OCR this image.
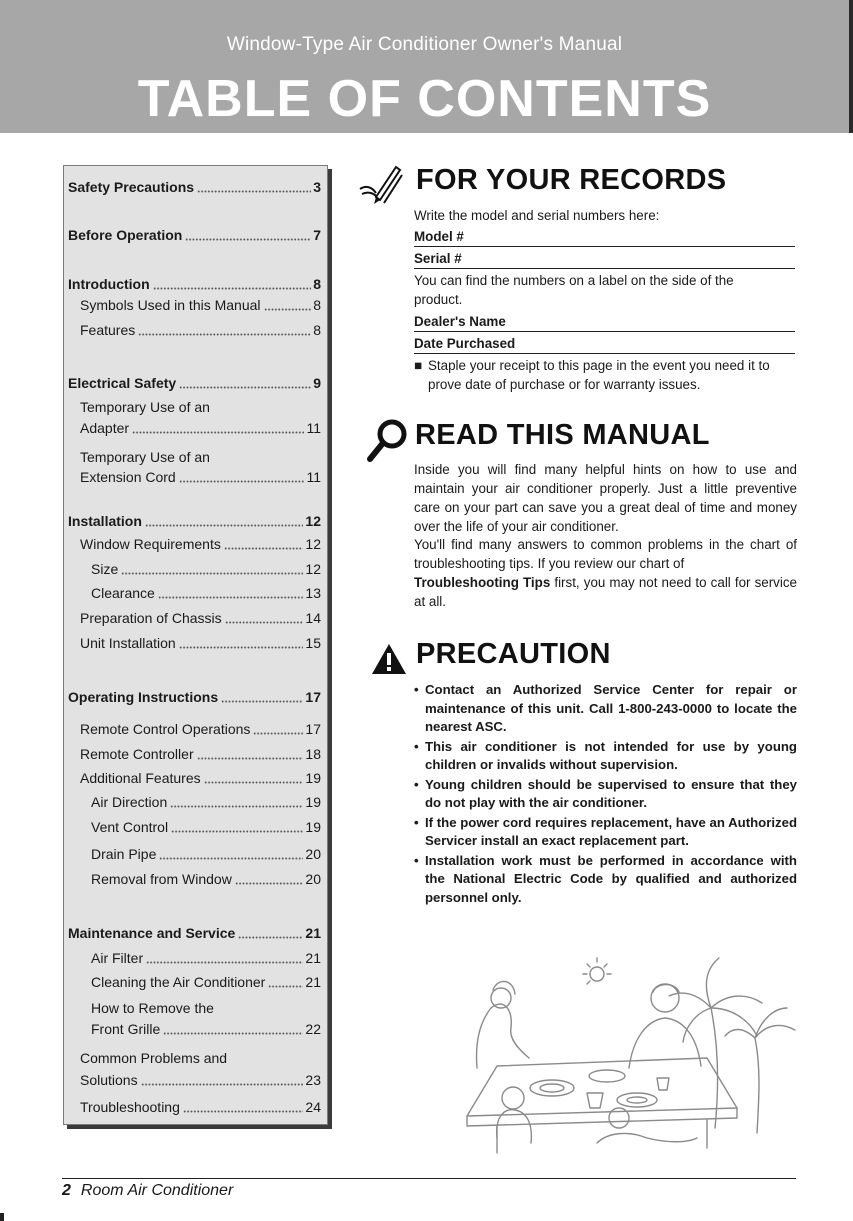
Window-Type Air Conditioner Owner's Manual
TABLE OF CONTENTS
Safety Precautions	3
Before Operation	7
Introduction	8
Symbols Used in this Manual	8
Features	8
Electrical Safety	9
Temporary Use of an
Adapter	11
Temporary Use of an
Extension Cord	11
Installation	12
Window Requirements	12
Size	12
Clearance	13
Preparation of Chassis	14
Unit Installation	15
Operating Instructions	17
Remote Control Operations	17
Remote Controller	18
Additional Features	19
Air Direction	19
Vent Control	19
Drain Pipe	20
Removal from Window	20
Maintenance and Service	21
Air Filter	21
Cleaning the Air Conditioner	21
How to Remove the
Front Grille	22
Common Problems and
Solutions	23
Troubleshooting	24
FOR YOUR RECORDS
Write the model and serial numbers here:
Model #
Serial #
You can find the numbers on a label on the side of the product.
Dealer's Name
Date Purchased
■ Staple your receipt to this page in the event you need it to prove date of purchase or for warranty issues.
READ THIS MANUAL
Inside you will find many helpful hints on how to use and maintain your air conditioner properly. Just a little preventive care on your part can save you a great deal of time and money over the life of your air conditioner.
You'll find many answers to common problems in the chart of troubleshooting tips. If you review our chart of
Troubleshooting Tips first, you may not need to call for service at all.
PRECAUTION
• Contact an Authorized Service Center for repair or maintenance of this unit. Call 1-800-243-0000 to locate the nearest ASC.
• This air conditioner is not intended for use by young children or invalids without supervision.
• Young children should be supervised to ensure that they do not play with the air conditioner.
• If the power cord requires replacement, have an Authorized Servicer install an exact replacement part.
• Installation work must be performed in accordance with the National Electric Code by qualified and authorized personnel only.
2 Room Air Conditioner
